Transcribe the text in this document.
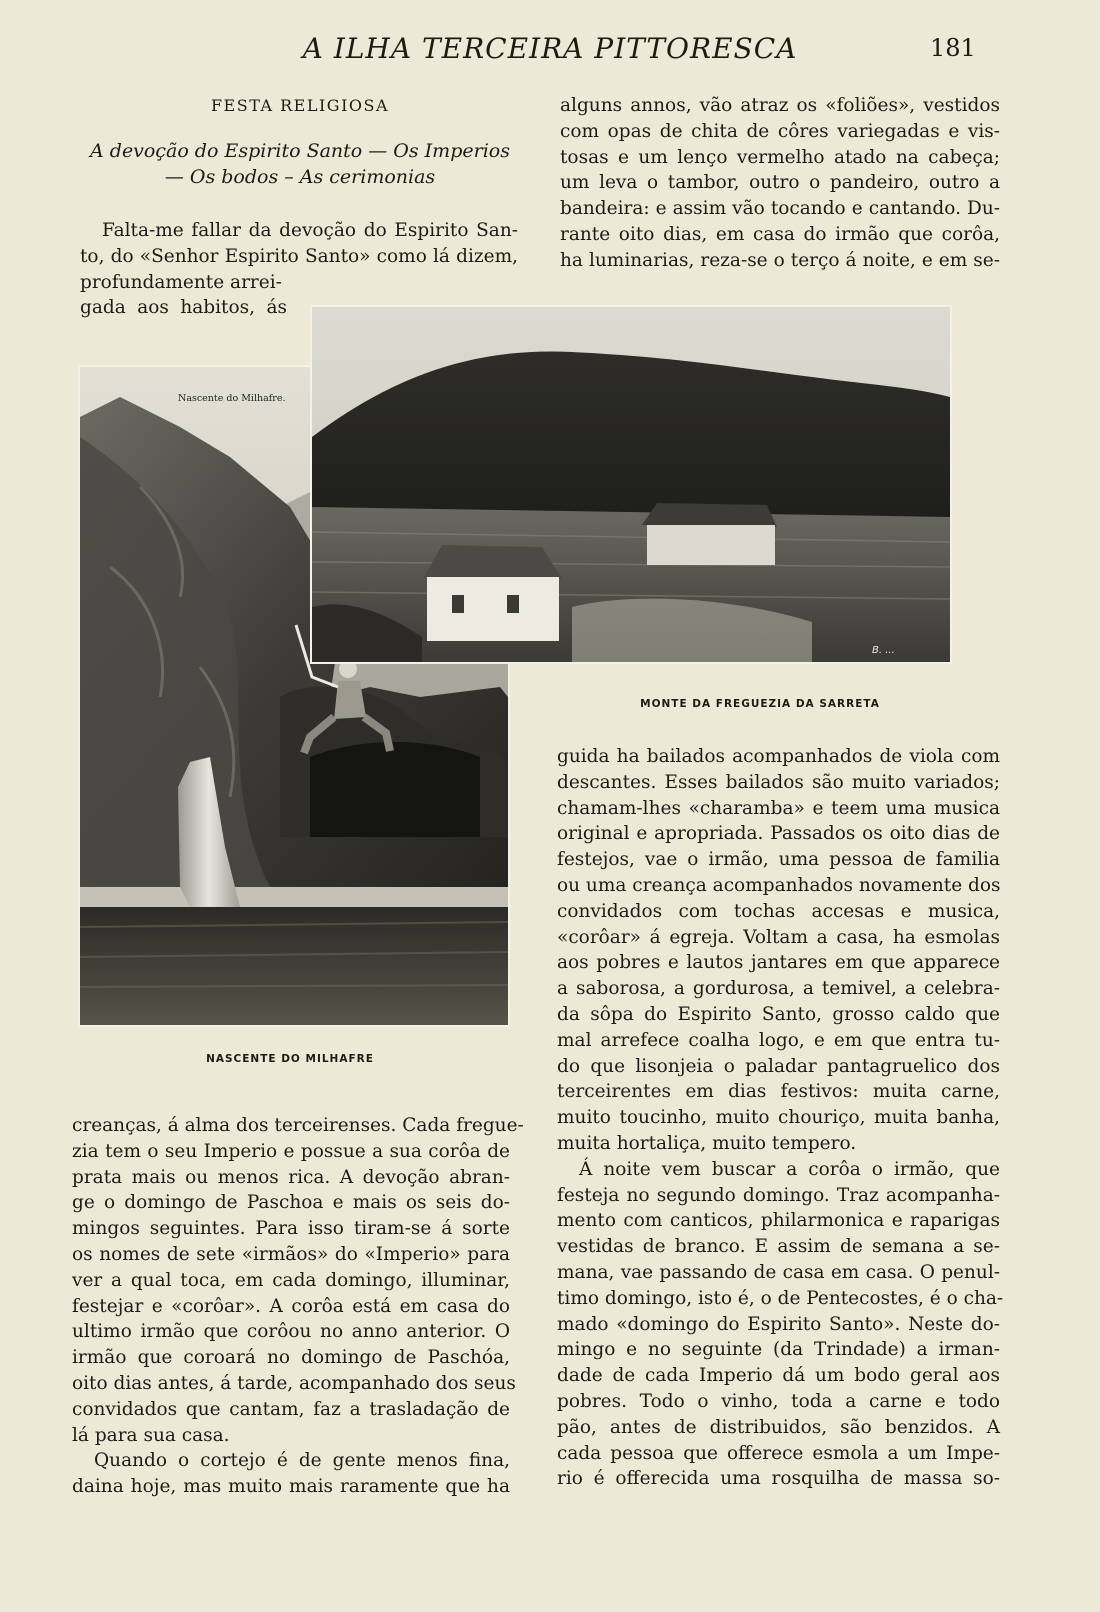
A ILHA TERCEIRA PITTORESCA	181
FESTA RELIGIOSA
A devoção do Espirito Santo — Os Imperios
— Os bodos – As cerimonias
Falta-me fallar da devoção do Espirito San-
to, do «Senhor Espirito Santo» como lá dizem,
profundamente arrei-
gada aos habitos, ás
alguns annos, vão atraz os «foliões», vestidos
com opas de chita de côres variegadas e vis-
tosas e um lenço vermelho atado na cabeça;
um leva o tambor, outro o pandeiro, outro a
bandeira: e assim vão tocando e cantando. Du-
rante oito dias, em casa do irmão que corôa,
ha luminarias, reza-se o terço á noite, e em se-
Nascente do Milhafre.
B. ...
MONTE DA FREGUEZIA DA SARRETA
NASCENTE DO MILHAFRE
guida ha bailados acompanhados de viola com
descantes. Esses bailados são muito variados;
chamam-lhes «charamba» e teem uma musica
original e apropriada. Passados os oito dias de
festejos, vae o irmão, uma pessoa de familia
ou uma creança acompanhados novamente dos
convidados com tochas accesas e musica,
«corôar» á egreja. Voltam a casa, ha esmolas
aos pobres e lautos jantares em que apparece
a saborosa, a gordurosa, a temivel, a celebra-
da sôpa do Espirito Santo, grosso caldo que
mal arrefece coalha logo, e em que entra tu-
do que lisonjeia o paladar pantagruelico dos
terceirentes em dias festivos: muita carne,
muito toucinho, muito chouriço, muita banha,
muita hortaliça, muito tempero.
Á noite vem buscar a corôa o irmão, que
festeja no segundo domingo. Traz acompanha-
mento com canticos, philarmonica e raparigas
vestidas de branco. E assim de semana a se-
mana, vae passando de casa em casa. O penul-
timo domingo, isto é, o de Pentecostes, é o cha-
mado «domingo do Espirito Santo». Neste do-
mingo e no seguinte (da Trindade) a irman-
dade de cada Imperio dá um bodo geral aos
pobres. Todo o vinho, toda a carne e todo
pão, antes de distribuidos, são benzidos. A
cada pessoa que offerece esmola a um Impe-
rio é offerecida uma rosquilha de massa so-
creanças, á alma dos terceirenses. Cada fregue-
zia tem o seu Imperio e possue a sua corôa de
prata mais ou menos rica. A devoção abran-
ge o domingo de Paschoa e mais os seis do-
mingos seguintes. Para isso tiram-se á sorte
os nomes de sete «irmãos» do «Imperio» para
ver a qual toca, em cada domingo, illuminar,
festejar e «corôar». A corôa está em casa do
ultimo irmão que corôou no anno anterior. O
irmão que coroará no domingo de Paschóa,
oito dias antes, á tarde, acompanhado dos seus
convidados que cantam, faz a trasladação de
lá para sua casa.
Quando o cortejo é de gente menos fina,
daina hoje, mas muito mais raramente que ha
